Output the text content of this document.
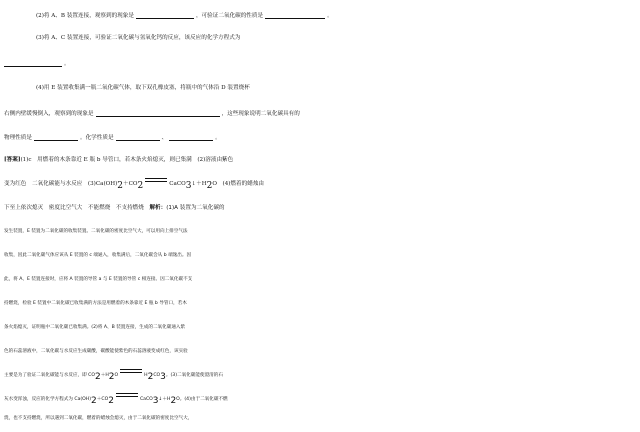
(2)将 A、B 装置连接，观察到的现象是	，可验证二氧化碳的性质是	。
(3)将 A、C 装置连接，可验证二氧化碳与氢氧化钙的反应，该反应的化学方程式为
。
(4)用 E 装置收集满一瓶二氧化碳气体，取下双孔橡皮塞，将瓶中的气体沿 D 装置烧杯
右侧内壁缓慢倒入，观察到的现象是	，这些现象说明二氧化碳具有的
物理性质是	。化学性质是	、	。
[答案](1)c　用燃着的木条靠近 E 瓶 b 导管口，若木条火焰熄灭，则已集满　(2)溶液由紫色
变为红色　二氧化碳能与水反应　$(3)Ca(OH)_2+CO_2$	$CaCO_3↓+H_2O$　(4)燃着的蜡烛由
下至上依次熄灭　密度比空气大　不能燃烧　不支持燃烧　解析：(1)A 装置为二氧化碳的
发生装置，E 装置为二氧化碳的收集装置。二氧化碳的密度比空气大，可以用向上排空气法
收集，因此二氧化碳气体应该从 E 装置的 c 端通入，收集满后，二氧化碳会从 b 端逸出。因
此，将 A、E 装置连接时，应将 A 装置的导管 a 与 E 装置的导管 c 相连接。因二氧化碳不支
持燃烧，检验 E 装置中二氧化碳已收集满的方法是用燃着的木条靠近 E 瓶 b 导管口，若木
条火焰熄灭，证明瓶中二氧化碳已收集满。(2)将 A、B 装置连接，生成的二氧化碳通入紫
色的石蕊溶液中，二氧化碳与水反应生成碳酸，碳酸能使紫色的石蕊溶液变成红色，该实验
主要是为了验证二氧化碳能与水反应，即 $CO_2+H_2O$	$H_2CO_3$。(3)二氧化碳能使澄清的石
灰水变浑浊，反应的化学方程式为 $Ca(OH)_2+CO_2$	$CaCO_3↓+H_2O$。(4)由于二氧化碳不燃
烧，也不支持燃烧，所以遇到二氧化碳，燃着的蜡烛会熄灭，由于二氧化碳的密度比空气大，
